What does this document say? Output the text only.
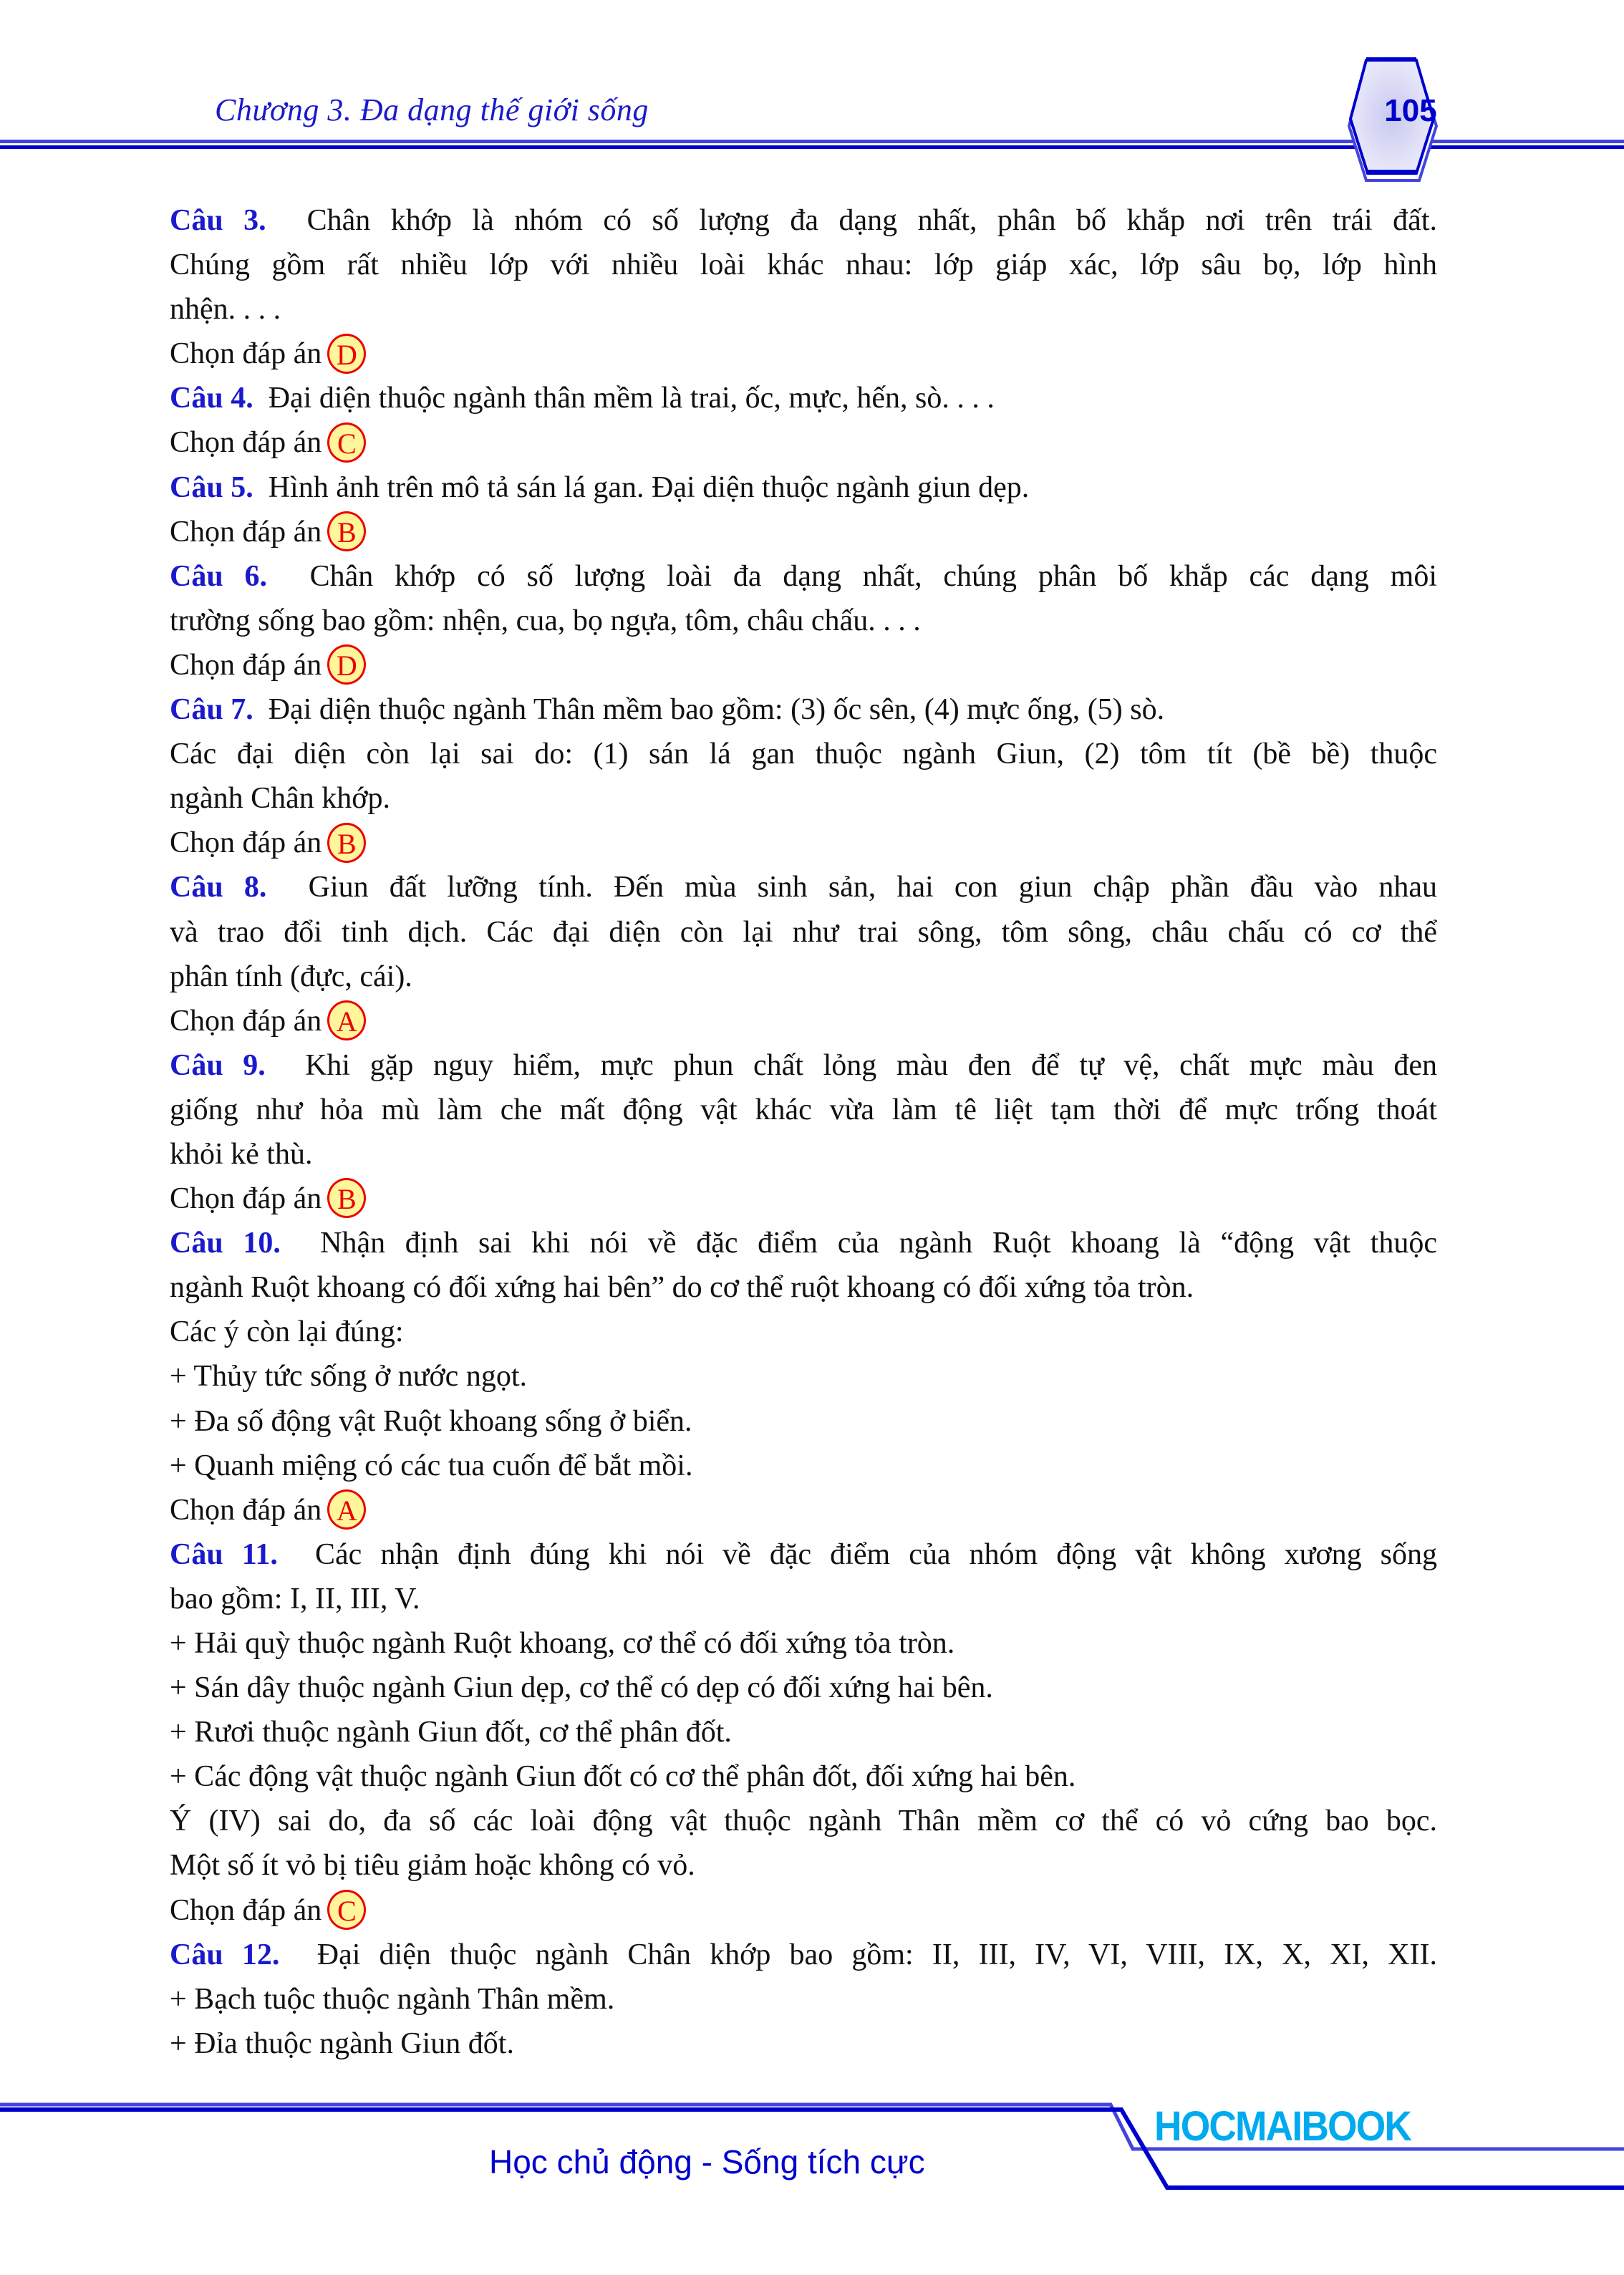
Chương 3. Đa dạng thế giới sống	105
Câu 3. Chân khớp là nhóm có số lượng đa dạng nhất, phân bố khắp nơi trên trái đất.
Chúng gồm rất nhiều lớp với nhiều loài khác nhau: lớp giáp xác, lớp sâu bọ, lớp hình
nhện. . . .
Chọn đáp án D
Câu 4. Đại diện thuộc ngành thân mềm là trai, ốc, mực, hến, sò. . . .
Chọn đáp án C
Câu 5. Hình ảnh trên mô tả sán lá gan. Đại diện thuộc ngành giun dẹp.
Chọn đáp án B
Câu 6. Chân khớp có số lượng loài đa dạng nhất, chúng phân bố khắp các dạng môi
trường sống bao gồm: nhện, cua, bọ ngựa, tôm, châu chấu. . . .
Chọn đáp án D
Câu 7. Đại diện thuộc ngành Thân mềm bao gồm: (3) ốc sên, (4) mực ống, (5) sò.
Các đại diện còn lại sai do: (1) sán lá gan thuộc ngành Giun, (2) tôm tít (bề bề) thuộc
ngành Chân khớp.
Chọn đáp án B
Câu 8. Giun đất lưỡng tính. Đến mùa sinh sản, hai con giun chập phần đầu vào nhau
và trao đổi tinh dịch. Các đại diện còn lại như trai sông, tôm sông, châu chấu có cơ thể
phân tính (đực, cái).
Chọn đáp án A
Câu 9. Khi gặp nguy hiểm, mực phun chất lỏng màu đen để tự vệ, chất mực màu đen
giống như hỏa mù làm che mất động vật khác vừa làm tê liệt tạm thời để mực trống thoát
khỏi kẻ thù.
Chọn đáp án B
Câu 10. Nhận định sai khi nói về đặc điểm của ngành Ruột khoang là “động vật thuộc
ngành Ruột khoang có đối xứng hai bên” do cơ thể ruột khoang có đối xứng tỏa tròn.
Các ý còn lại đúng:
+ Thủy tức sống ở nước ngọt.
+ Đa số động vật Ruột khoang sống ở biển.
+ Quanh miệng có các tua cuốn để bắt mồi.
Chọn đáp án A
Câu 11. Các nhận định đúng khi nói về đặc điểm của nhóm động vật không xương sống
bao gồm: I, II, III, V.
+ Hải quỳ thuộc ngành Ruột khoang, cơ thể có đối xứng tỏa tròn.
+ Sán dây thuộc ngành Giun dẹp, cơ thể có dẹp có đối xứng hai bên.
+ Rươi thuộc ngành Giun đốt, cơ thể phân đốt.
+ Các động vật thuộc ngành Giun đốt có cơ thể phân đốt, đối xứng hai bên.
Ý (IV) sai do, đa số các loài động vật thuộc ngành Thân mềm cơ thể có vỏ cứng bao bọc.
Một số ít vỏ bị tiêu giảm hoặc không có vỏ.
Chọn đáp án C
Câu 12. Đại diện thuộc ngành Chân khớp bao gồm: II, III, IV, VI, VIII, IX, X, XI, XII.
+ Bạch tuộc thuộc ngành Thân mềm.
+ Đỉa thuộc ngành Giun đốt.
HOCMAIBOOK
Học chủ động - Sống tích cực
